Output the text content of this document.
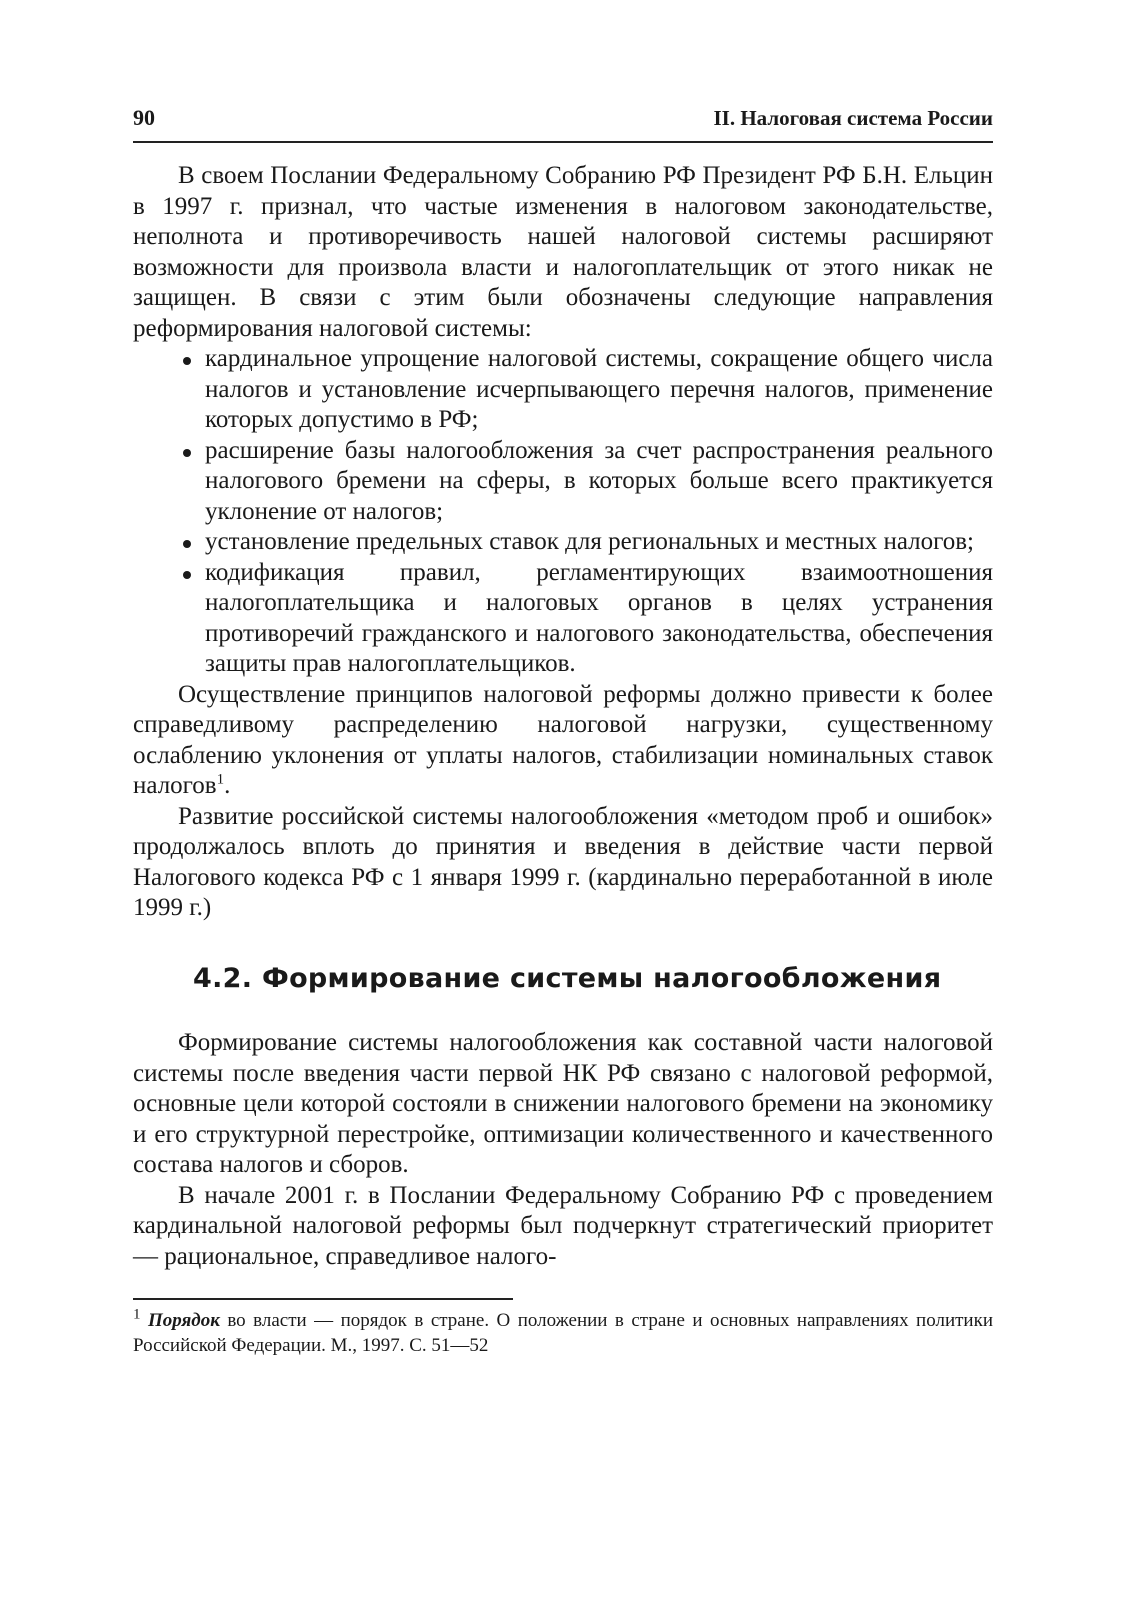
90	II. Налоговая система России

В своем Послании Федеральному Собранию РФ Президент РФ Б.Н. Ельцин в 1997 г. признал, что частые изменения в налоговом законодательстве, неполнота и противоречивость нашей налоговой системы расширяют возможности для произвола власти и налогоплательщик от этого никак не защищен. В связи с этим были обозначены следующие направления реформирования налоговой системы:

кардинальное упрощение налоговой системы, сокращение общего числа налогов и установление исчерпывающего перечня налогов, применение которых допустимо в РФ;
расширение базы налогообложения за счет распространения реального налогового бремени на сферы, в которых больше всего практикуется уклонение от налогов;
установление предельных ставок для региональных и местных налогов;
кодификация правил, регламентирующих взаимоотношения налогоплательщика и налоговых органов в целях устранения противоречий гражданского и налогового законодательства, обеспечения защиты прав налогоплательщиков.

Осуществление принципов налоговой реформы должно привести к более справедливому распределению налоговой нагрузки, существенному ослаблению уклонения от уплаты налогов, стабилизации номинальных ставок налогов$^1$.

Развитие российской системы налогообложения «методом проб и ошибок» продолжалось вплоть до принятия и введения в действие части первой Налогового кодекса РФ с 1 января 1999 г. (кардинально переработанной в июле 1999 г.)

4.2. Формирование системы налогообложения

Формирование системы налогообложения как составной части налоговой системы после введения части первой НК РФ связано с налоговой реформой, основные цели которой состояли в снижении налогового бремени на экономику и его структурной перестройке, оптимизации количественного и качественного состава налогов и сборов.

В начале 2001 г. в Послании Федеральному Собранию РФ с проведением кардинальной налоговой реформы был подчеркнут стратегический приоритет — рациональное, справедливое налого-

$^1$ Порядок во власти — порядок в стране. О положении в стране и основных направлениях политики Российской Федерации. М., 1997. С. 51—52
